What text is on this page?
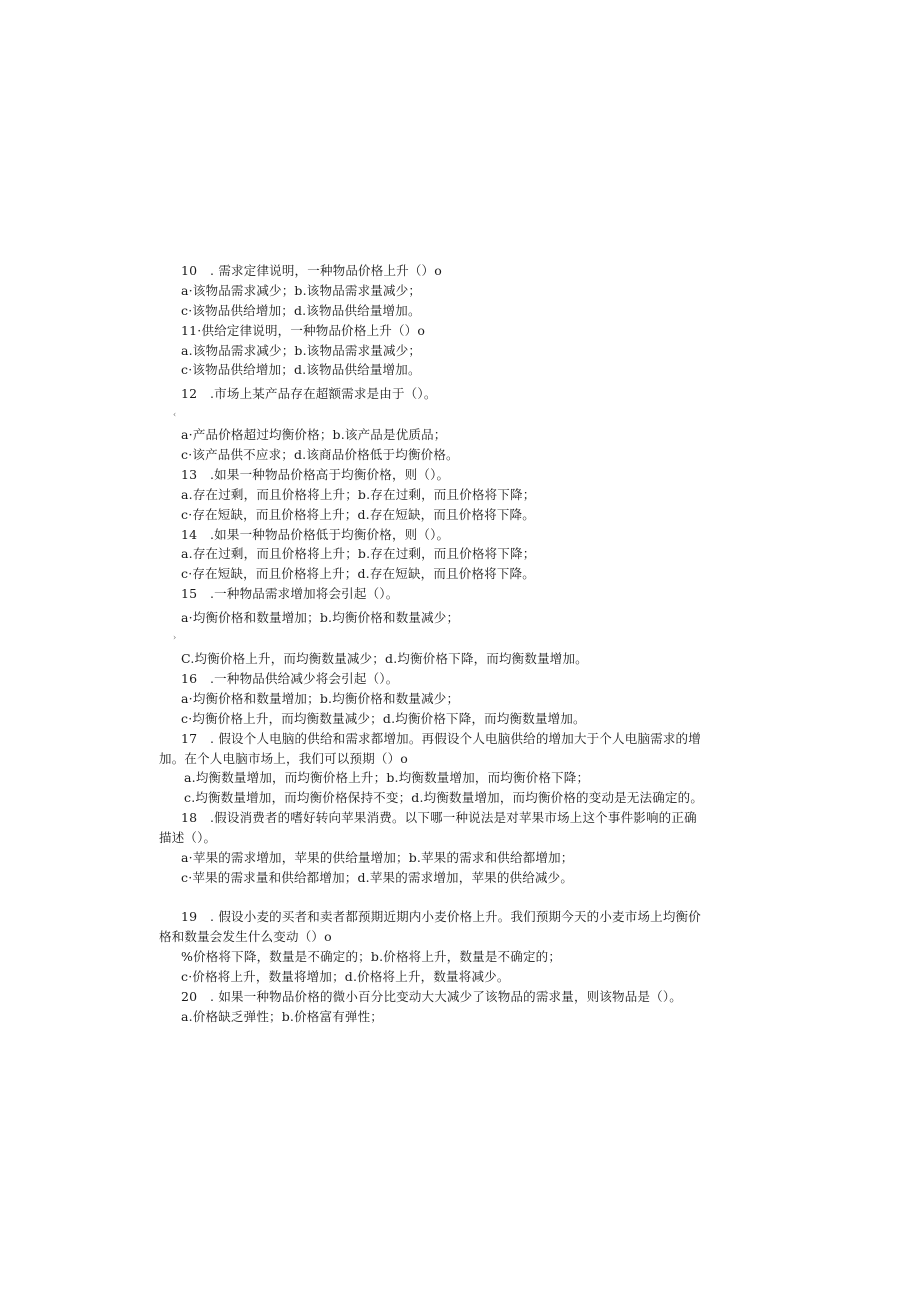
10　. 需求定律说明，一种物品价格上升（）o
a·该物品需求减少；b.该物品需求量减少；
c·该物品供给增加；d.该物品供给量增加。
11·供给定律说明，一种物品价格上升（）o
a.该物品需求减少；b.该物品需求量减少；
c·该物品供给增加；d.该物品供给量增加。
12　.市场上某产品存在超额需求是由于（）。
‹
a·产品价格超过均衡价格；b.该产品是优质品；
c·该产品供不应求；d.该商品价格低于均衡价格。
13　.如果一种物品价格高于均衡价格，则（）。
a.存在过剩，而且价格将上升；b.存在过剩，而且价格将下降；
c·存在短缺，而且价格将上升；d.存在短缺，而且价格将下降。
14　.如果一种物品价格低于均衡价格，则（）。
a.存在过剩，而且价格将上升；b.存在过剩，而且价格将下降；
c·存在短缺，而且价格将上升；d.存在短缺，而且价格将下降。
15　.一种物品需求增加将会引起（）。
a·均衡价格和数量增加；b.均衡价格和数量减少；
›
C.均衡价格上升，而均衡数量减少；d.均衡价格下降，而均衡数量增加。
16　.一种物品供给减少将会引起（）。
a·均衡价格和数量增加；b.均衡价格和数量减少；
c·均衡价格上升，而均衡数量减少；d.均衡价格下降，而均衡数量增加。
17　. 假设个人电脑的供给和需求都增加。再假设个人电脑供给的增加大于个人电脑需求的增
加。在个人电脑市场上，我们可以预期（）o
a.均衡数量增加，而均衡价格上升；b.均衡数量增加，而均衡价格下降；
c.均衡数量增加，而均衡价格保持不变；d.均衡数量增加，而均衡价格的变动是无法确定的。
18　.假设消费者的嗜好转向苹果消费。以下哪一种说法是对苹果市场上这个事件影响的正确
描述（）。
a·苹果的需求增加，苹果的供给量增加；b.苹果的需求和供给都增加；
c·苹果的需求量和供给都增加；d.苹果的需求增加，苹果的供给减少。
19　. 假设小麦的买者和卖者都预期近期内小麦价格上升。我们预期今天的小麦市场上均衡价
格和数量会发生什么变动（）o
%价格将下降，数量是不确定的；b.价格将上升，数量是不确定的；
c·价格将上升，数量将增加；d.价格将上升，数量将减少。
20　. 如果一种物品价格的微小百分比变动大大减少了该物品的需求量，则该物品是（）。
a.价格缺乏弹性；b.价格富有弹性；
